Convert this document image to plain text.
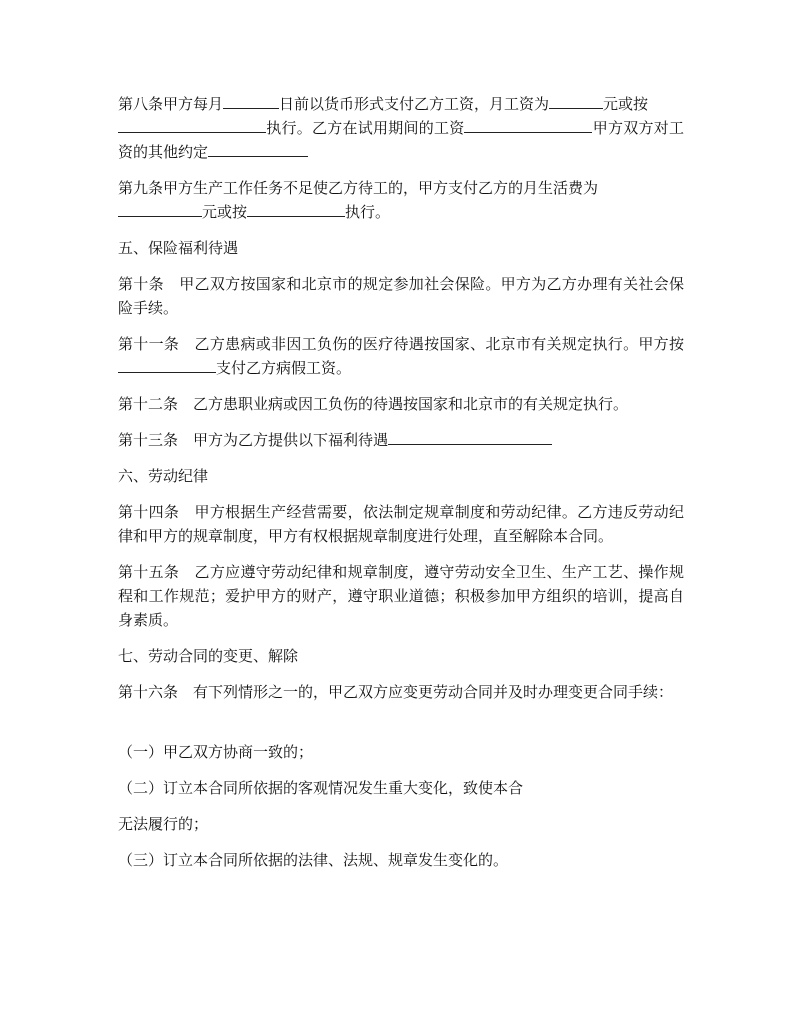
第八条甲方每月	日前以货币形式支付乙方工资，月工资为	元或按
执行。乙方在试用期间的工资	甲方双方对工资的其他约定

第九条甲方生产工作任务不足使乙方待工的，甲方支付乙方的月生活费为
元或按	执行。

五、保险福利待遇

第十条　甲乙双方按国家和北京市的规定参加社会保险。甲方为乙方办理有关社会保险手续。

第十一条　乙方患病或非因工负伤的医疗待遇按国家、北京市有关规定执行。甲方按支付乙方病假工资。

第十二条　乙方患职业病或因工负伤的待遇按国家和北京市的有关规定执行。

第十三条　甲方为乙方提供以下福利待遇

六、劳动纪律

第十四条　甲方根据生产经营需要，依法制定规章制度和劳动纪律。乙方违反劳动纪律和甲方的规章制度，甲方有权根据规章制度进行处理，直至解除本合同。

第十五条　乙方应遵守劳动纪律和规章制度，遵守劳动安全卫生、生产工艺、操作规程和工作规范；爱护甲方的财产，遵守职业道德；积极参加甲方组织的培训，提高自身素质。

七、劳动合同的变更、解除

第十六条　有下列情形之一的，甲乙双方应变更劳动合同并及时办理变更合同手续：

（一）甲乙双方协商一致的；

（二）订立本合同所依据的客观情况发生重大变化，致使本合

无法履行的；

（三）订立本合同所依据的法律、法规、规章发生变化的。
